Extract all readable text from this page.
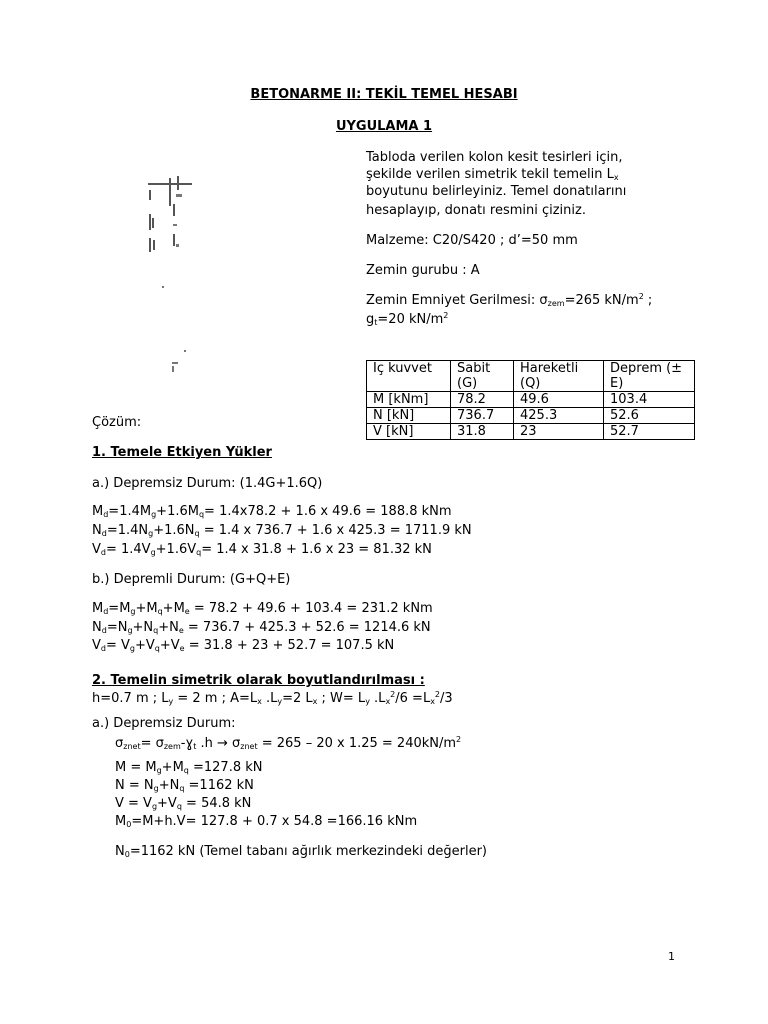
BETONARME II: TEKİL TEMEL HESABI
UYGULAMA 1
Tabloda verilen kolon kesit tesirleri için,
şekilde verilen simetrik tekil temelin $L_x$
boyutunu belirleyiniz. Temel donatılarını
hesaplayıp, donatı resmini çiziniz.
Malzeme: C20/S420 ; d’=50 mm
Zemin gurubu : A
Zemin Emniyet Gerilmesi: $\sigma_{zem}=265$ $kN/m^2$ ;
$g_t=20$ $kN/m^2$
Iç kuvvet	Sabit (G)	Hareketli (Q)	Deprem (± E)
M [kNm]	78.2	49.6	103.4
N [kN]	736.7	425.3	52.6
V [kN]	31.8	23	52.7
Çözüm:
1. Temele Etkiyen Yükler
a.) Depremsiz Durum: (1.4G+1.6Q)
$M_d=1.4M_g+1.6M_q= 1.4x78.2 + 1.6$ x 49.6 = 188.8 kNm
$N_d=1.4N_g+1.6N_q = 1.4$ x 736.7 + 1.6 x 425.3 = 1711.9 kN
$V_d= 1.4V_g+1.6V_q= 1.4$ x 31.8 + 1.6 x 23 = 81.32 kN
b.) Depremli Durum: (G+Q+E)
$M_d=M_g+M_q+M_e = 78.2 + 49.6 + 103.4 = 231.2$ kNm
$N_d=N_g+N_q+N_e = 736.7 + 425.3 + 52.6 = 1214.6$ kN
$V_d= V_g+V_q+V_e = 31.8 + 23 + 52.7 = 107.5$ kN
2. Temelin simetrik olarak boyutlandırılması :
h=0.7 m ; $L_y = 2$ m ; $A=L_x$ $.L_y=2$ $L_x$ ; $W= L_y$ $.L_x^2/6 =L_x^2/3$
a.) Depremsiz Durum:
$\sigma_{znet}=$ $\sigma_{zem}-ɣ_t$ $.h \to \sigma_{znet} = 265 - 20$ x $1.25 = 240kN/m^2$
$M = M_g+M_q =127.8$ kN
$N = N_g+N_q =1162$ kN
$V = V_g+V_q = 54.8$ kN
$M_0=M+h.V= 127.8 + 0.7$ x 54.8 =166.16 kNm
$N_0=1162$ kN (Temel tabanı ağırlık merkezindeki değerler)
1
